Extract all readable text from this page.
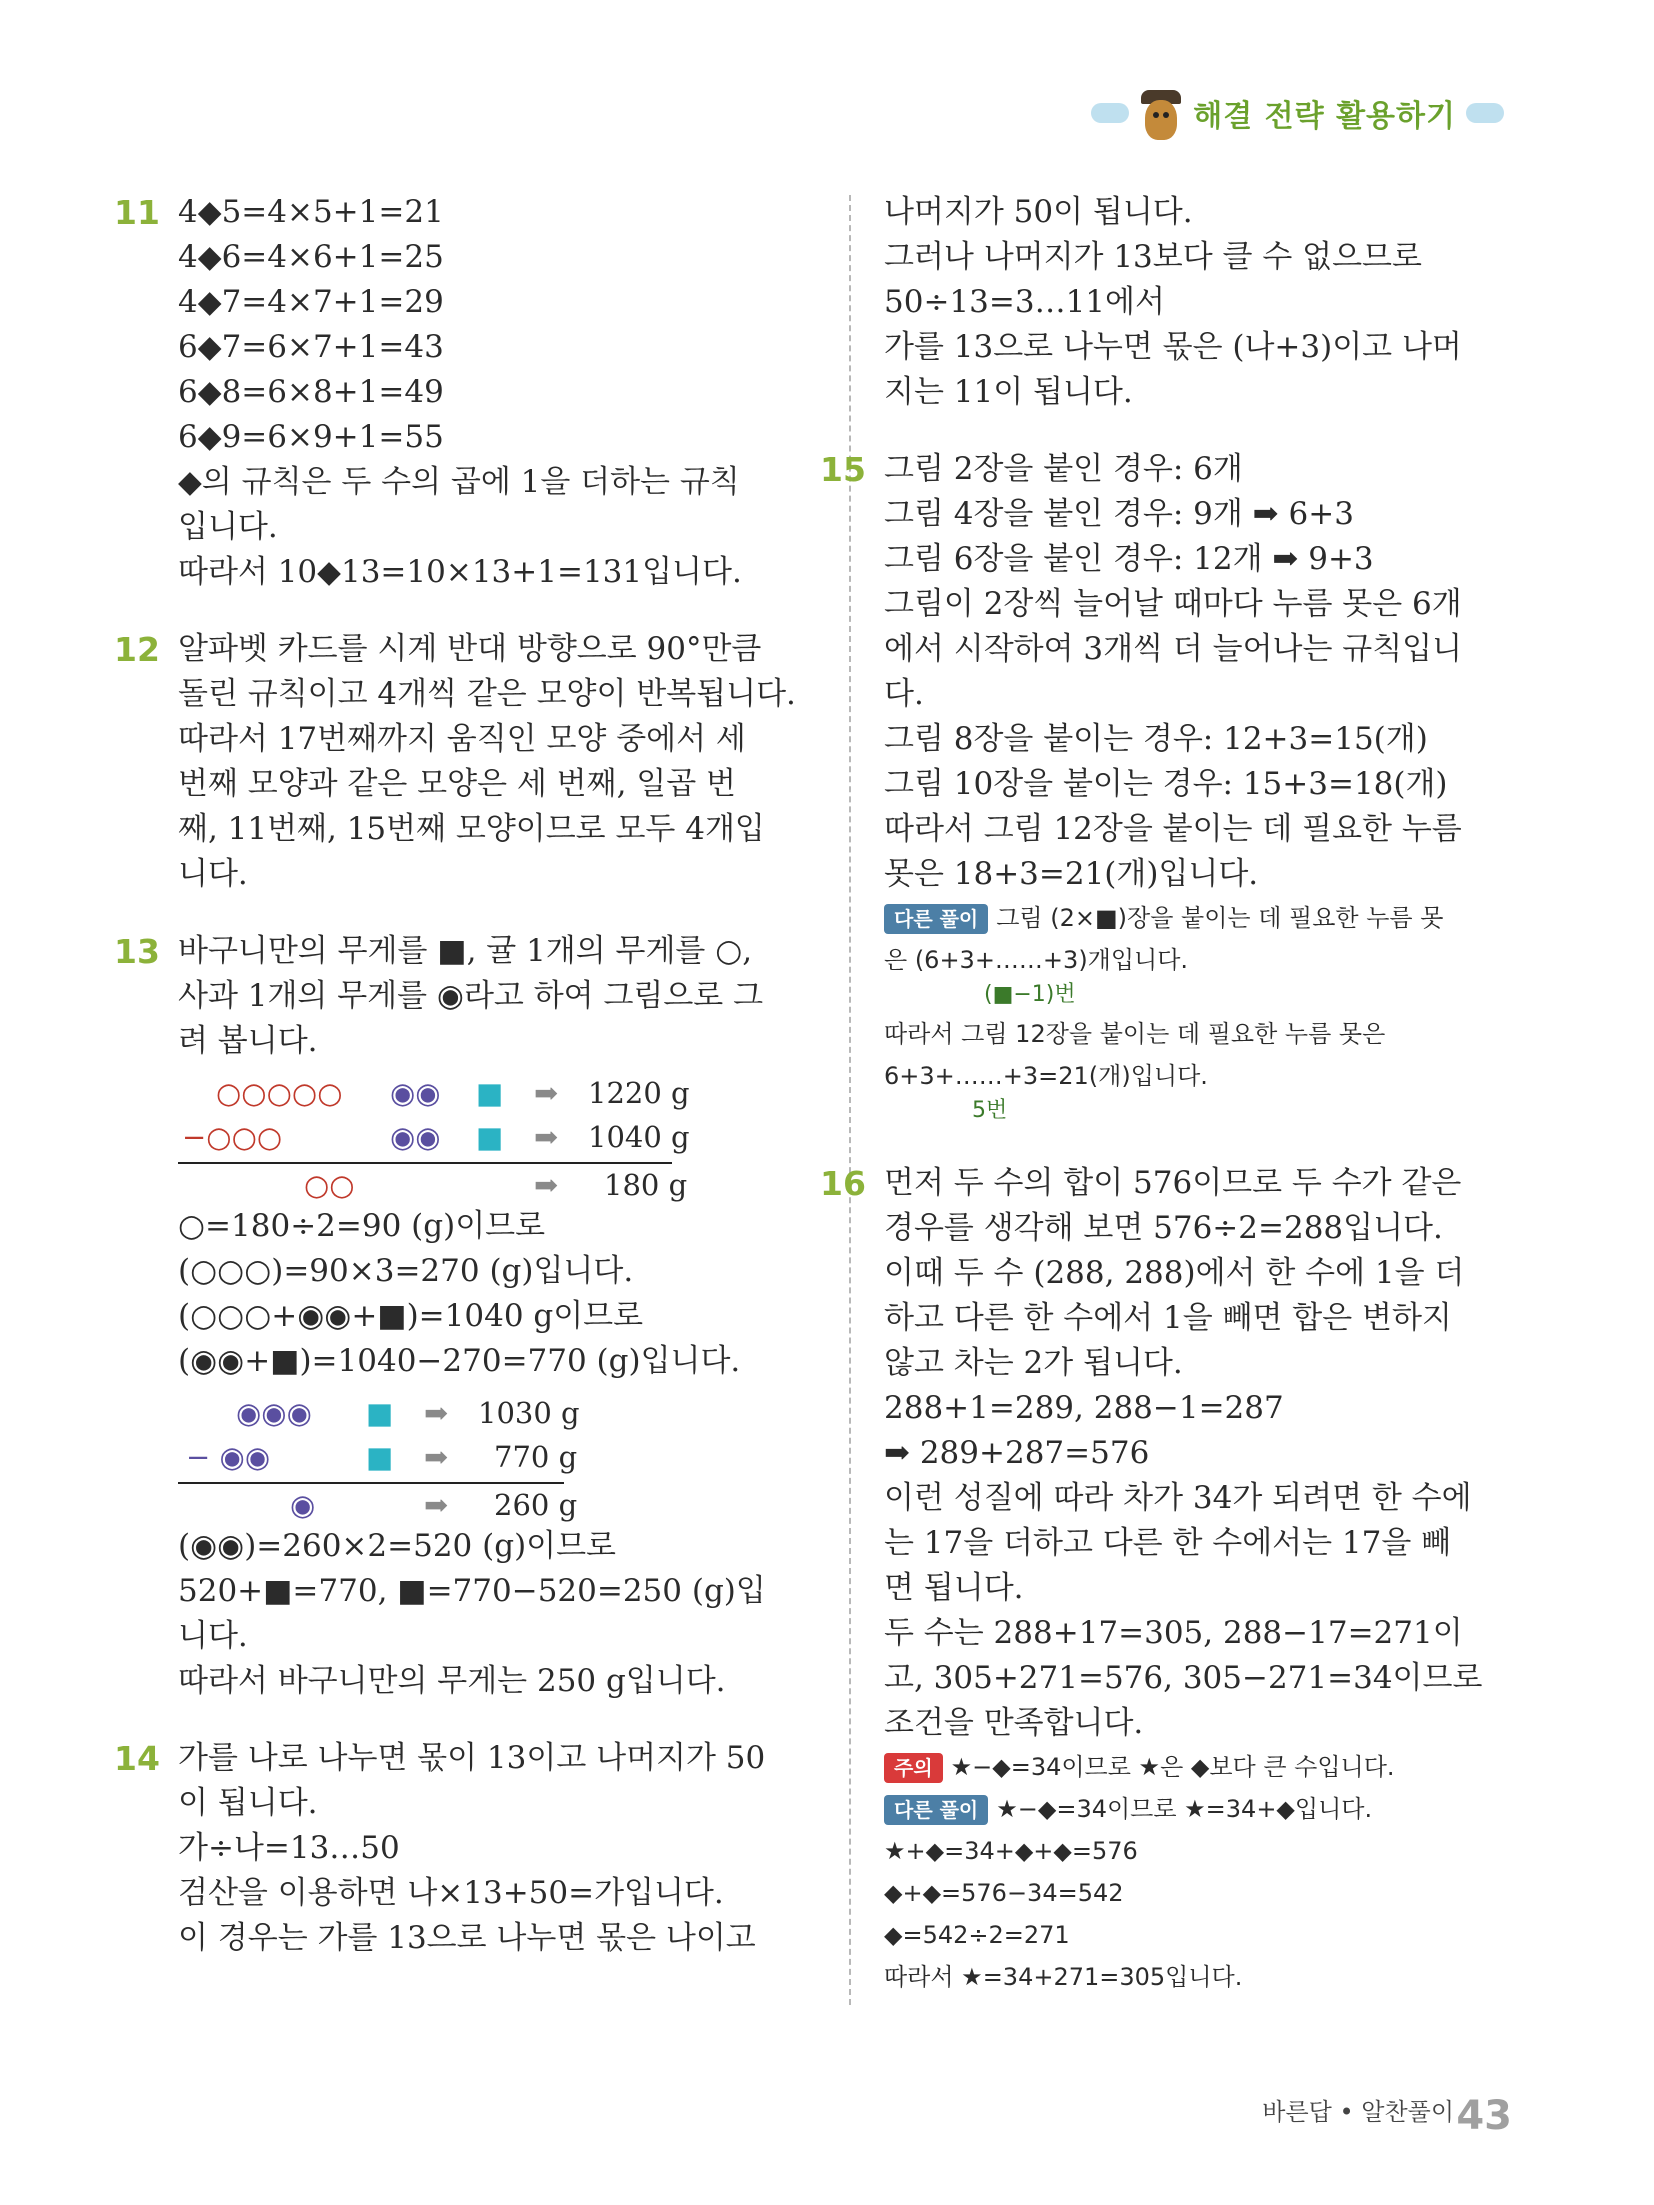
해결 전략 활용하기
11 4◆5=4×5+1=21
4◆6=4×6+1=25
4◆7=4×7+1=29
6◆7=6×7+1=43
6◆8=6×8+1=49
6◆9=6×9+1=55
◆의 규칙은 두 수의 곱에 1을 더하는 규칙
입니다.
따라서 10◆13=10×13+1=131입니다.
12 알파벳 카드를 시계 반대 방향으로 90°만큼
돌린 규칙이고 4개씩 같은 모양이 반복됩니다.
따라서 17번째까지 움직인 모양 중에서 세
번째 모양과 같은 모양은 세 번째, 일곱 번
째, 11번째, 15번째 모양이므로 모두 4개입
니다.
13 바구니만의 무게를 ■, 귤 1개의 무게를 ○,
사과 1개의 무게를 ◉라고 하여 그림으로 그
려 봅니다.
○○○○○ ◉◉ ■ ➡ 1220 g
−○○○	◉◉ ■ ➡ 1040 g
○○	➡ 180 g
○=180÷2=90 (g)이므로
(○○○)=90×3=270 (g)입니다.
(○○○+◉◉+■)=1040 g이므로
(◉◉+■)=1040−270=770 (g)입니다.
◉◉◉ ■ ➡ 1030 g
− ◉◉	■ ➡ 770 g
◉	➡ 260 g
(◉◉)=260×2=520 (g)이므로
520+■=770, ■=770−520=250 (g)입
니다.
따라서 바구니만의 무게는 250 g입니다.
14 가를 나로 나누면 몫이 13이고 나머지가 50
이 됩니다.
가÷나=13…50
검산을 이용하면 나×13+50=가입니다.
이 경우는 가를 13으로 나누면 몫은 나이고
나머지가 50이 됩니다.
그러나 나머지가 13보다 클 수 없으므로
50÷13=3…11에서
가를 13으로 나누면 몫은 (나+3)이고 나머
지는 11이 됩니다.
15 그림 2장을 붙인 경우: 6개
그림 4장을 붙인 경우: 9개 ➡ 6+3
그림 6장을 붙인 경우: 12개 ➡ 9+3
그림이 2장씩 늘어날 때마다 누름 못은 6개
에서 시작하여 3개씩 더 늘어나는 규칙입니
다.
그림 8장을 붙이는 경우: 12+3=15(개)
그림 10장을 붙이는 경우: 15+3=18(개)
따라서 그림 12장을 붙이는 데 필요한 누름
못은 18+3=21(개)입니다.
다른 풀이 그림 (2×■)장을 붙이는 데 필요한 누름 못
은 (6+3+……+3)개입니다.
(■−1)번
따라서 그림 12장을 붙이는 데 필요한 누름 못은
6+3+……+3=21(개)입니다.
5번
16 먼저 두 수의 합이 576이므로 두 수가 같은
경우를 생각해 보면 576÷2=288입니다.
이때 두 수 (288, 288)에서 한 수에 1을 더
하고 다른 한 수에서 1을 빼면 합은 변하지
않고 차는 2가 됩니다.
288+1=289, 288−1=287
➡ 289+287=576
이런 성질에 따라 차가 34가 되려면 한 수에
는 17을 더하고 다른 한 수에서는 17을 빼
면 됩니다.
두 수는 288+17=305, 288−17=271이
고, 305+271=576, 305−271=34이므로
조건을 만족합니다.
주의 ★−◆=34이므로 ★은 ◆보다 큰 수입니다.
다른 풀이 ★−◆=34이므로 ★=34+◆입니다.
★+◆=34+◆+◆=576
◆+◆=576−34=542
◆=542÷2=271
따라서 ★=34+271=305입니다.
바른답 • 알찬풀이 43
